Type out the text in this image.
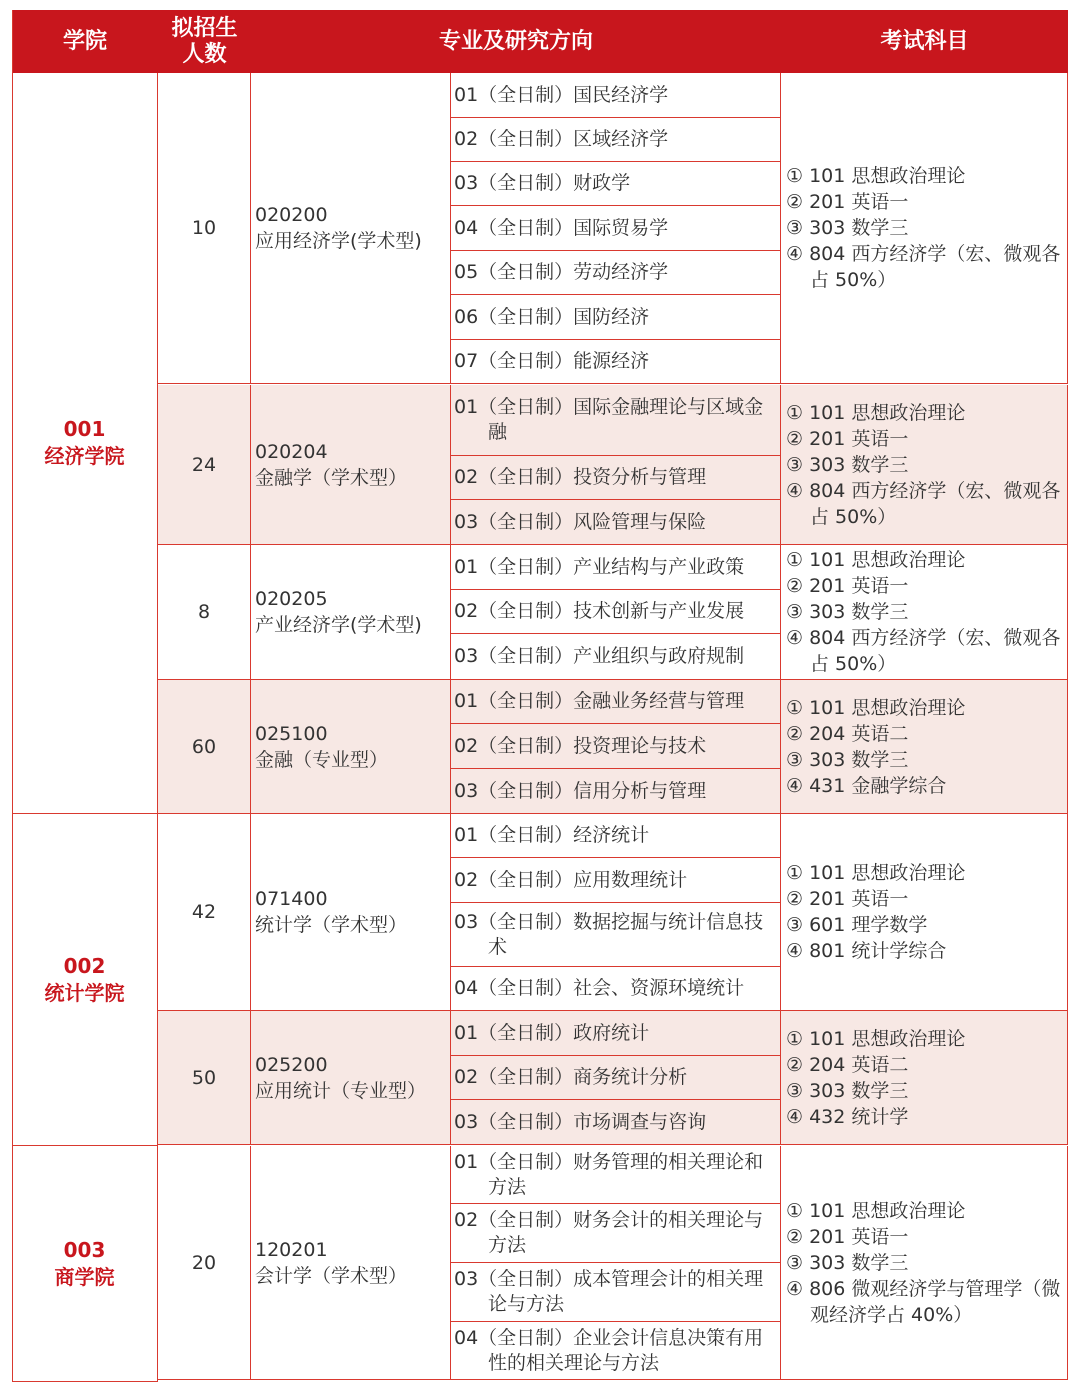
学院
拟招生
人数
专业及研究方向	考试科目
001
经济学院
002
统计学院
003
商学院
10
020200
应用经济学(学术型)
01（全日制）国民经济学
02（全日制）区域经济学
03（全日制）财政学
04（全日制）国际贸易学
05（全日制）劳动经济学
06（全日制）国防经济
07（全日制）能源经济
① 101 思想政治理论
② 201 英语一
③ 303 数学三
④ 804 西方经济学（宏、微观各占 50%）
24
020204
金融学（学术型）
01（全日制）国际金融理论与区域金融
02（全日制）投资分析与管理
03（全日制）风险管理与保险
① 101 思想政治理论
② 201 英语一
③ 303 数学三
④ 804 西方经济学（宏、微观各占 50%）
8
020205
产业经济学(学术型)
01（全日制）产业结构与产业政策
02（全日制）技术创新与产业发展
03（全日制）产业组织与政府规制
① 101 思想政治理论
② 201 英语一
③ 303 数学三
④ 804 西方经济学（宏、微观各占 50%）
60
025100
金融（专业型）
01（全日制）金融业务经营与管理
02（全日制）投资理论与技术
03（全日制）信用分析与管理
① 101 思想政治理论
② 204 英语二
③ 303 数学三
④ 431 金融学综合
42
071400
统计学（学术型）
01（全日制）经济统计
02（全日制）应用数理统计
03（全日制）数据挖掘与统计信息技术
04（全日制）社会、资源环境统计
① 101 思想政治理论
② 201 英语一
③ 601 理学数学
④ 801 统计学综合
50
025200
应用统计（专业型）
01（全日制）政府统计
02（全日制）商务统计分析
03（全日制）市场调查与咨询
① 101 思想政治理论
② 204 英语二
③ 303 数学三
④ 432 统计学
20
120201
会计学（学术型）
01（全日制）财务管理的相关理论和方法
02（全日制）财务会计的相关理论与方法
03（全日制）成本管理会计的相关理论与方法
04（全日制）企业会计信息决策有用性的相关理论与方法
① 101 思想政治理论
② 201 英语一
③ 303 数学三
④ 806 微观经济学与管理学（微观经济学占 40%）
